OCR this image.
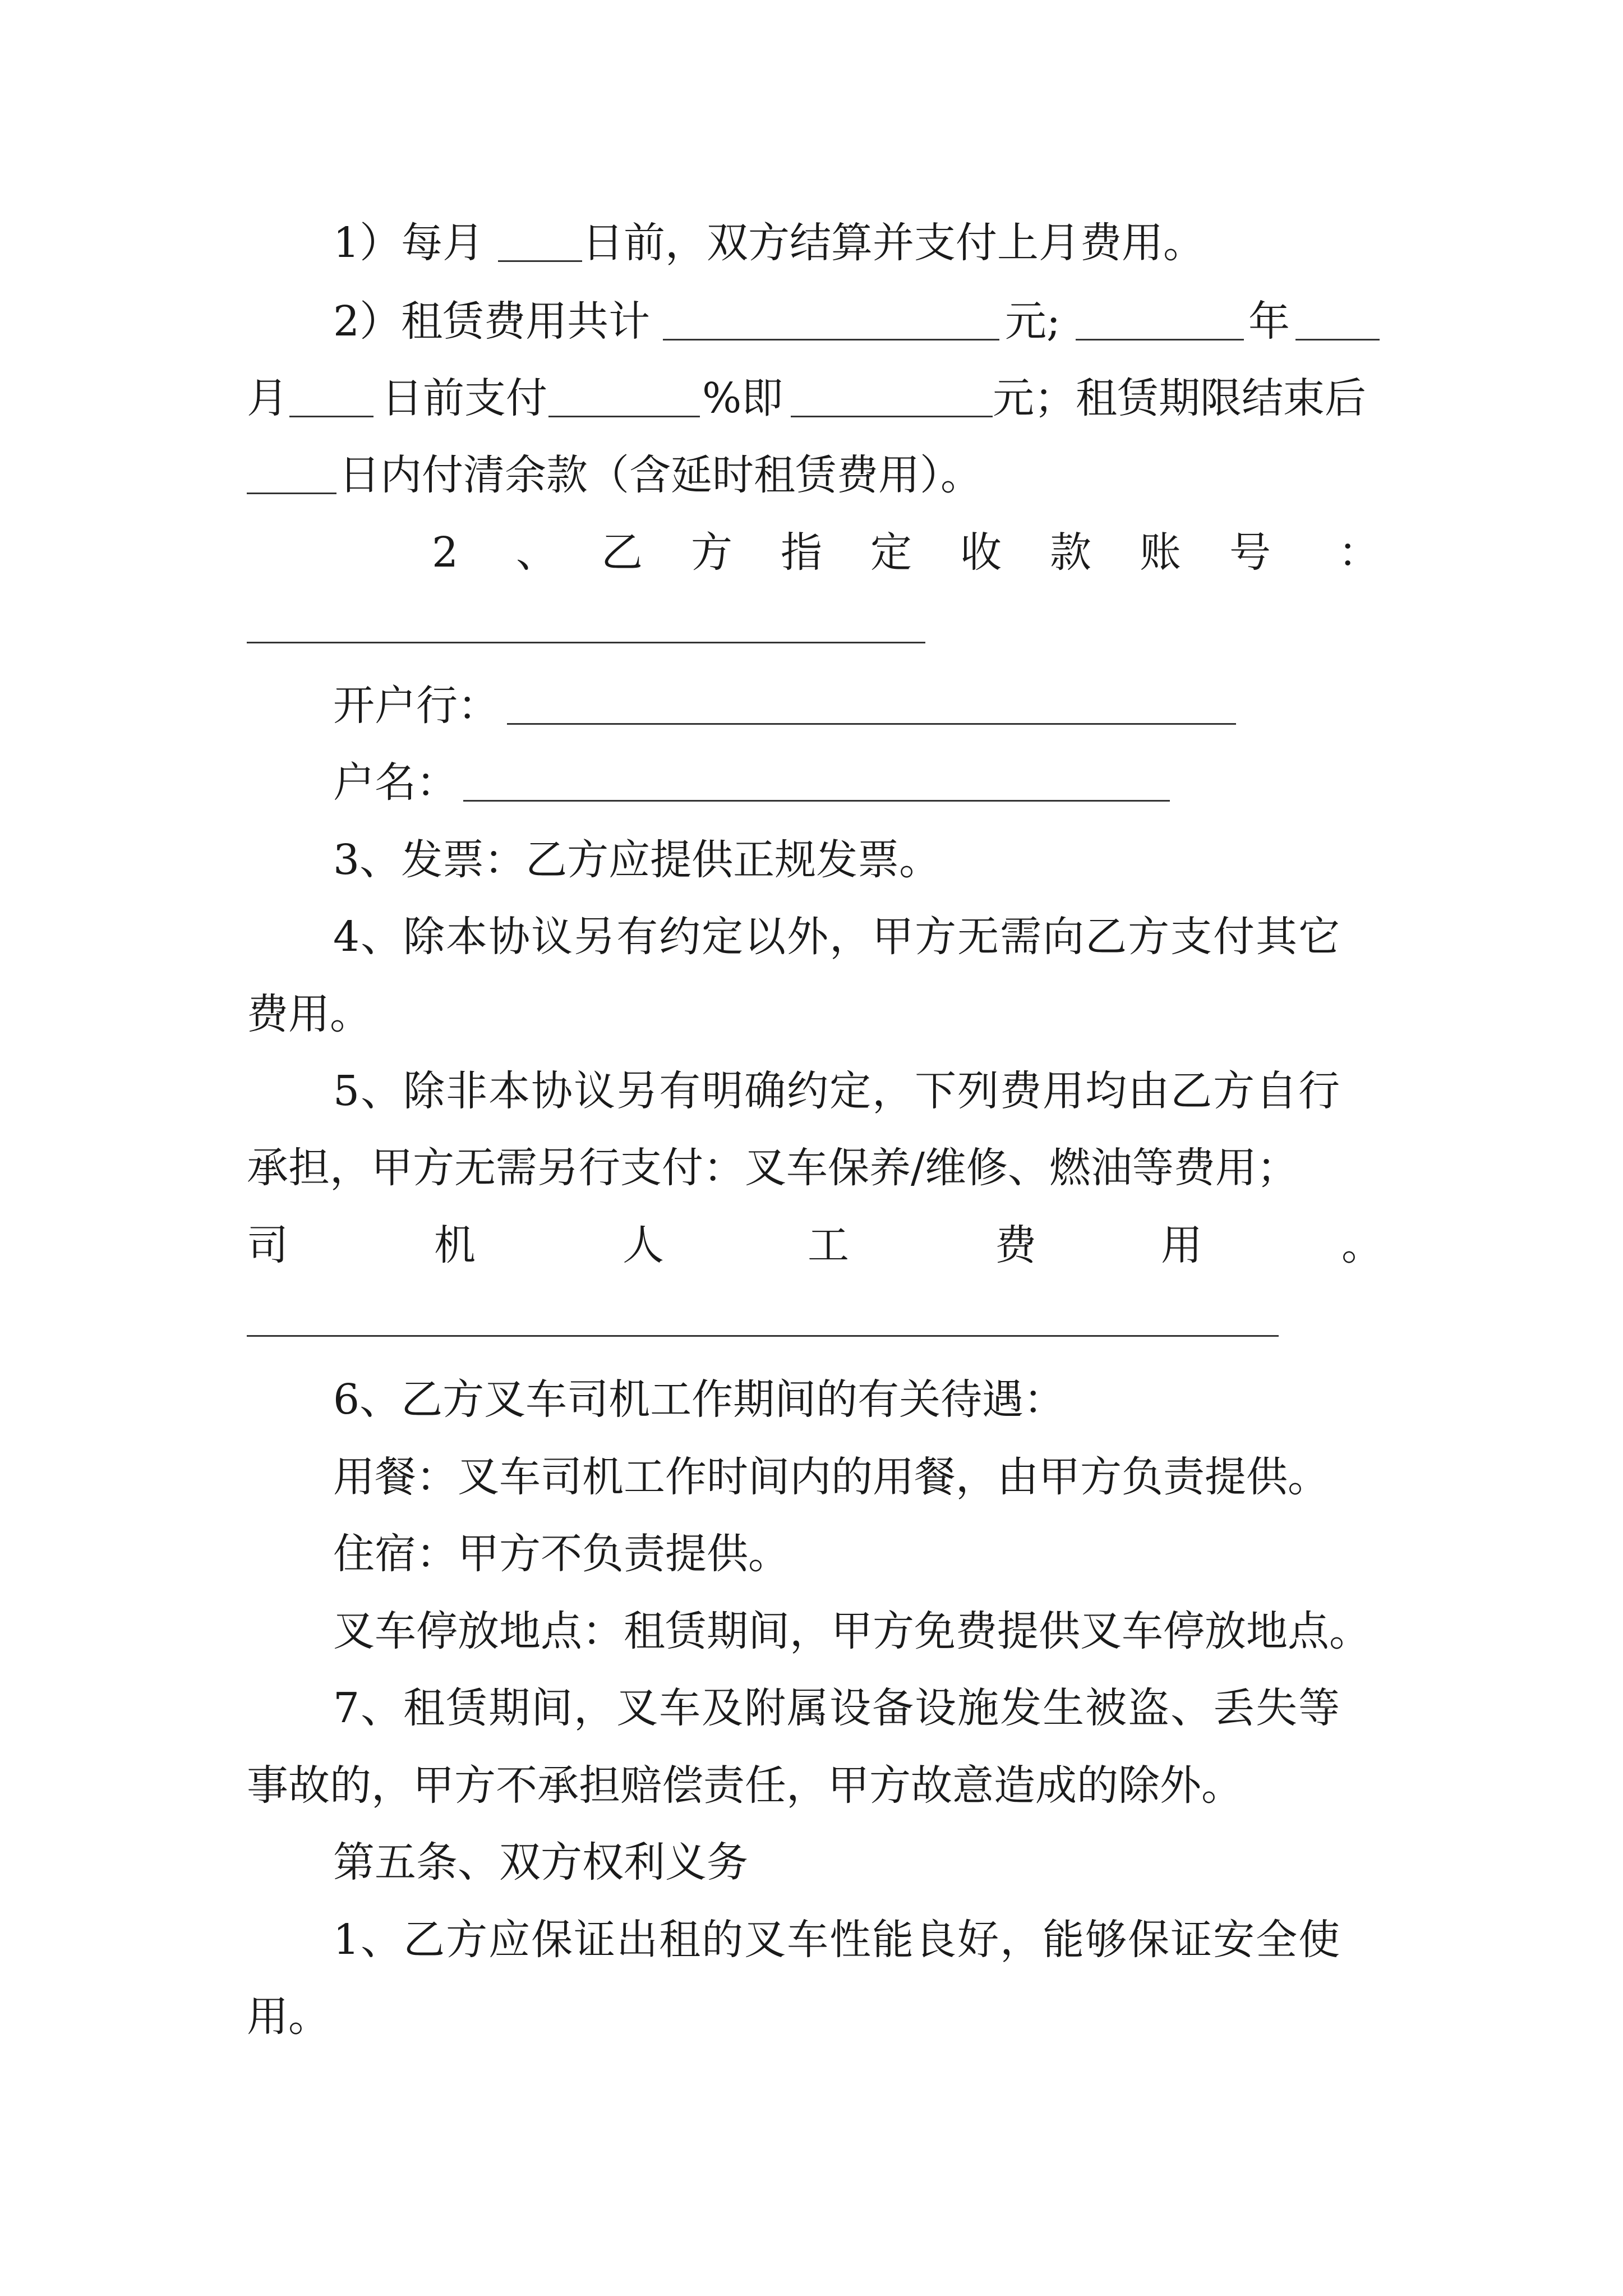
1）每月 日前，双方结算并支付上月费用。
2）租赁费用共计	元;	年
月 日前支付	%即	元；租赁期限结束后
日内付清余款（含延时租赁费用）。
2 、 乙 方 指 定 收 款 账 号 ：
开户行：
户名：
3、发票：乙方应提供正规发票。
4、除本协议另有约定以外，甲方无需向乙方支付其它
费用。
5、除非本协议另有明确约定，下列费用均由乙方自行
承担，甲方无需另行支付：叉车保养/维修、燃油等费用；
司	机	人	工	费	用	。
6、乙方叉车司机工作期间的有关待遇：
用餐：叉车司机工作时间内的用餐，由甲方负责提供。
住宿：甲方不负责提供。
叉车停放地点：租赁期间，甲方免费提供叉车停放地点。
7、租赁期间，叉车及附属设备设施发生被盗、丢失等
事故的，甲方不承担赔偿责任，甲方故意造成的除外。
第五条、双方权利义务
1、乙方应保证出租的叉车性能良好，能够保证安全使
用。
